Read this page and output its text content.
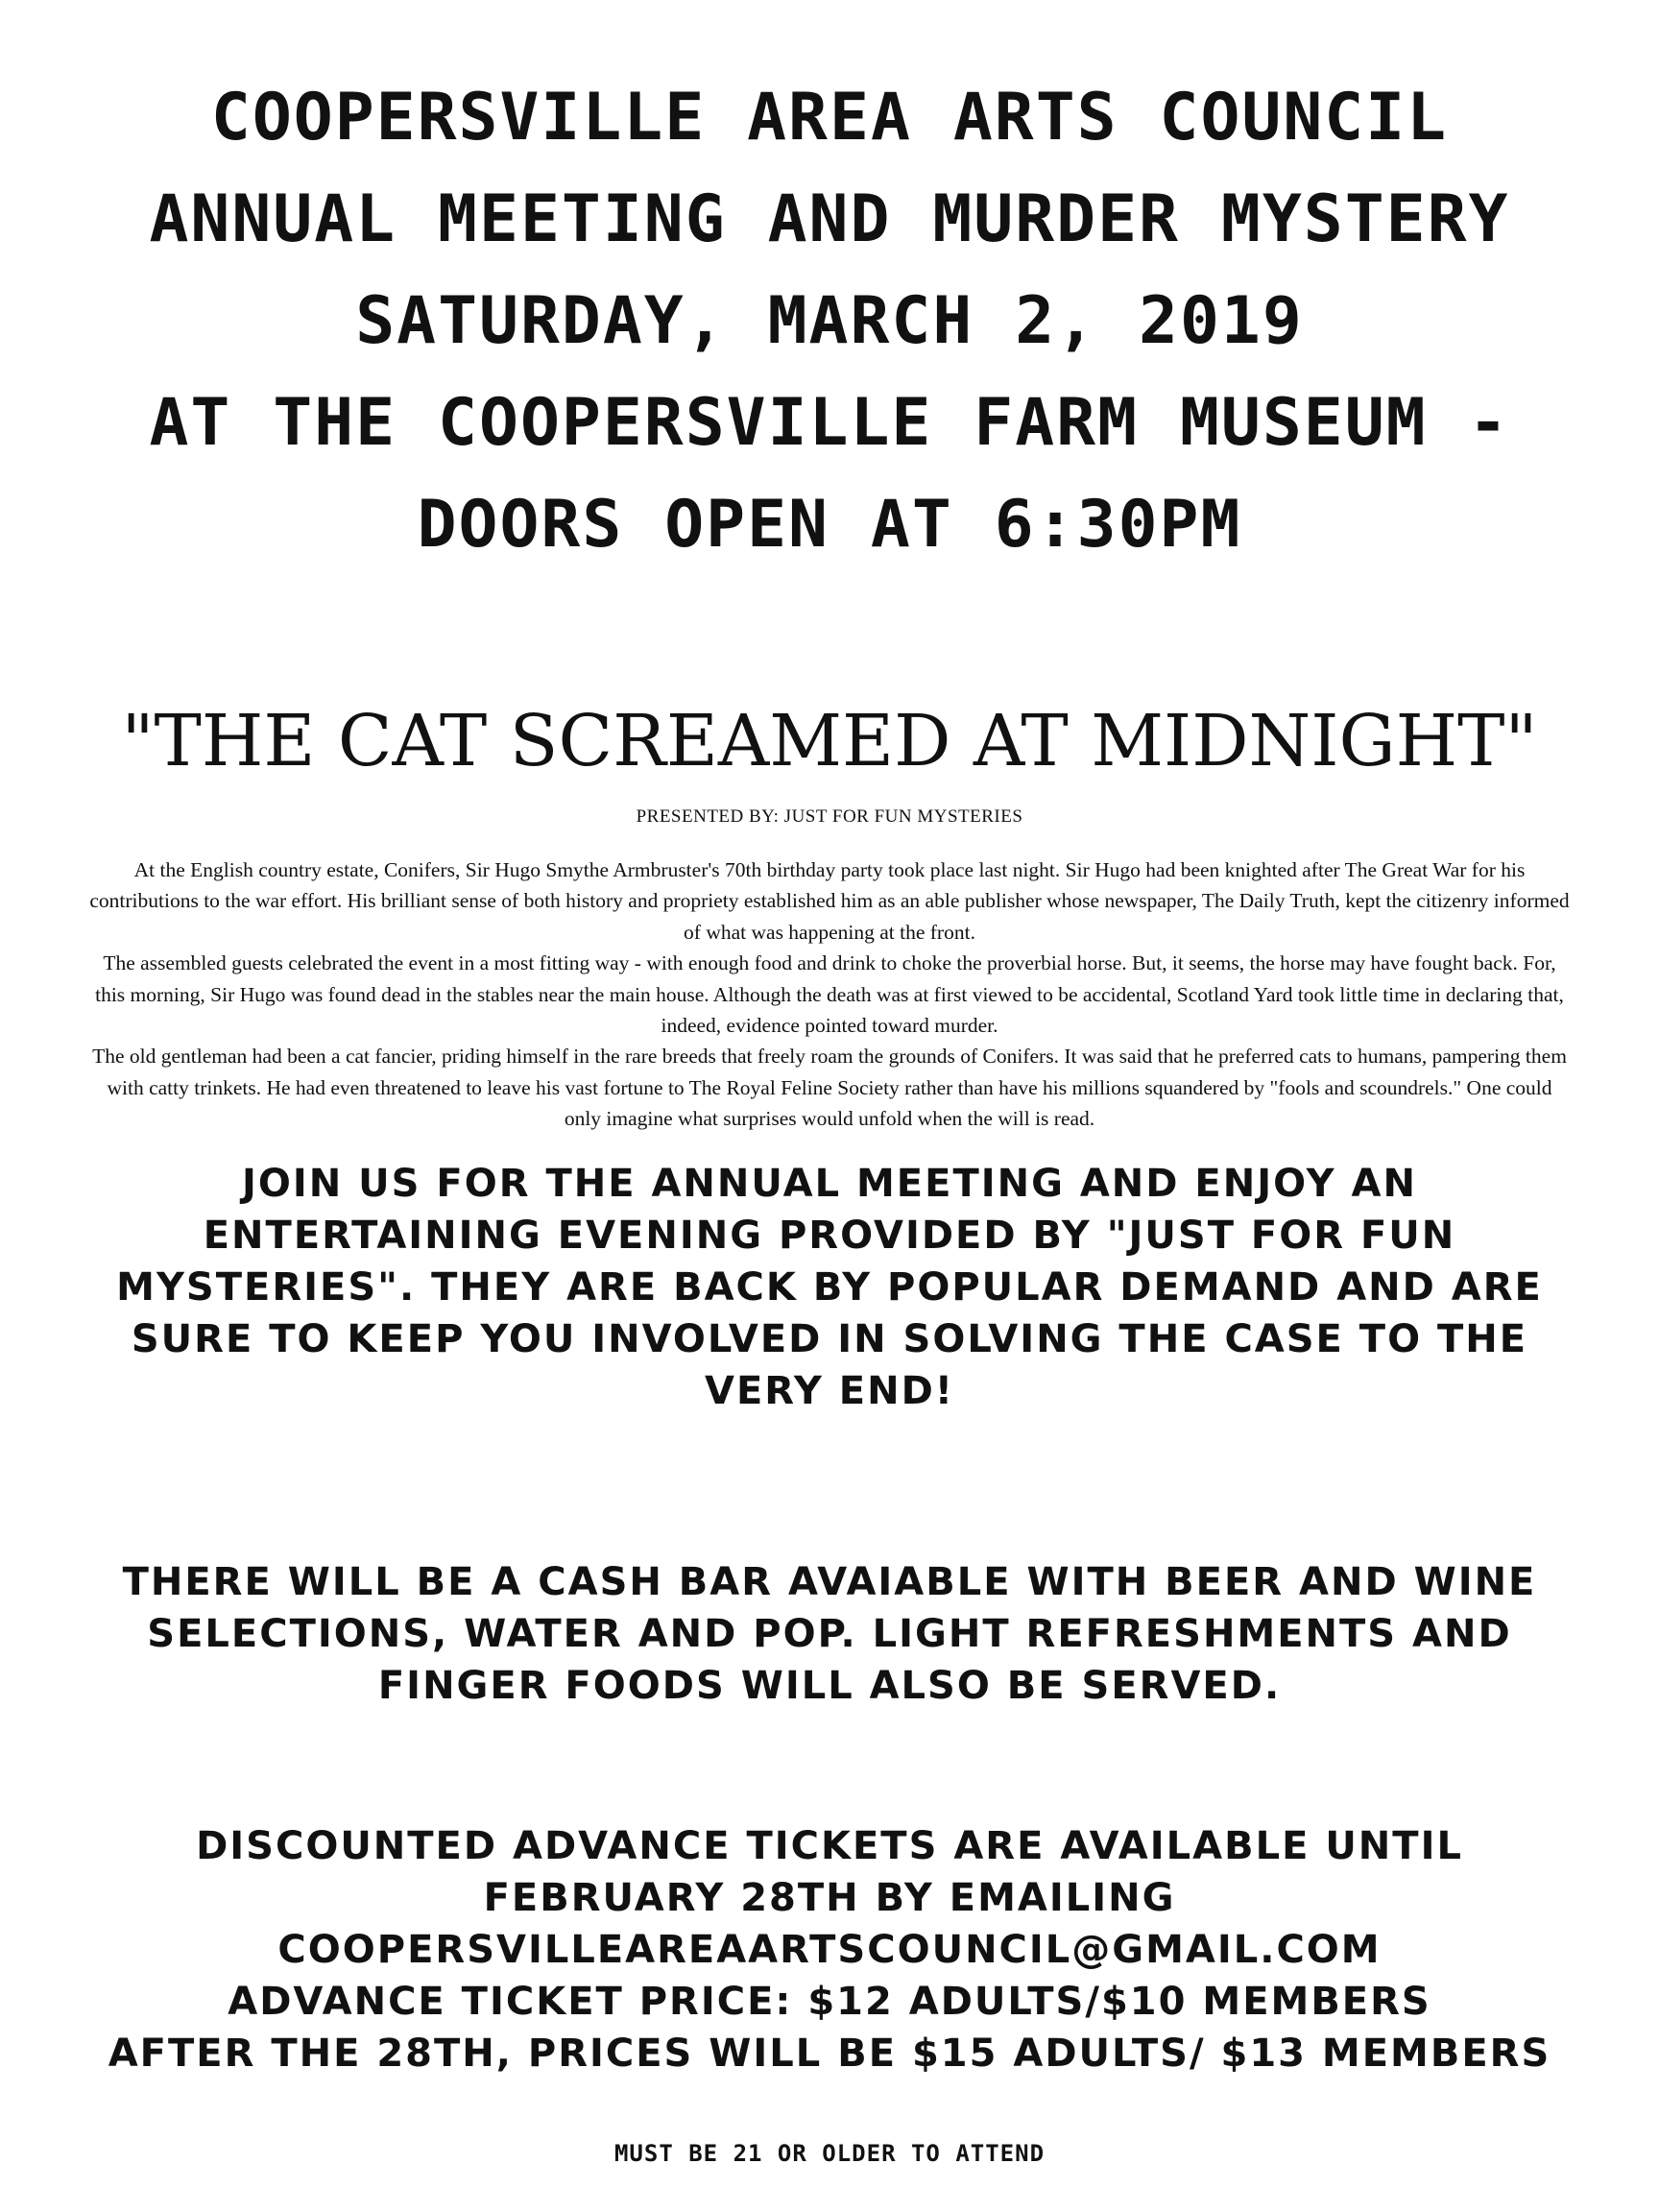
COOPERSVILLE AREA ARTS COUNCIL
ANNUAL MEETING AND MURDER MYSTERY
SATURDAY, MARCH 2, 2019
AT THE COOPERSVILLE FARM MUSEUM -
DOORS OPEN AT 6:30PM
"THE CAT SCREAMED AT MIDNIGHT"
PRESENTED BY: JUST FOR FUN MYSTERIES

At the English country estate, Conifers, Sir Hugo Smythe Armbruster's 70th birthday party took place last night. Sir Hugo had been knighted after The Great War for his contributions to the war effort. His brilliant sense of both history and propriety established him as an able publisher whose newspaper, The Daily Truth, kept the citizenry informed of what was happening at the front.

The assembled guests celebrated the event in a most fitting way - with enough food and drink to choke the proverbial horse. But, it seems, the horse may have fought back. For, this morning, Sir Hugo was found dead in the stables near the main house. Although the death was at first viewed to be accidental, Scotland Yard took little time in declaring that, indeed, evidence pointed toward murder.

The old gentleman had been a cat fancier, priding himself in the rare breeds that freely roam the grounds of Conifers. It was said that he preferred cats to humans, pampering them with catty trinkets. He had even threatened to leave his vast fortune to The Royal Feline Society rather than have his millions squandered by "fools and scoundrels." One could only imagine what surprises would unfold when the will is read.

JOIN US FOR THE ANNUAL MEETING AND ENJOY AN ENTERTAINING EVENING PROVIDED BY "JUST FOR FUN MYSTERIES". THEY ARE BACK BY POPULAR DEMAND AND ARE SURE TO KEEP YOU INVOLVED IN SOLVING THE CASE TO THE VERY END!

THERE WILL BE A CASH BAR AVAIABLE WITH BEER AND WINE SELECTIONS, WATER AND POP. LIGHT REFRESHMENTS AND FINGER FOODS WILL ALSO BE SERVED.

DISCOUNTED ADVANCE TICKETS ARE AVAILABLE UNTIL

FEBRUARY 28TH BY EMAILING

COOPERSVILLEAREAARTSCOUNCIL@GMAIL.COM

ADVANCE TICKET PRICE: $12 ADULTS/$10 MEMBERS

AFTER THE 28TH, PRICES WILL BE $15 ADULTS/ $13 MEMBERS

MUST BE 21 OR OLDER TO ATTEND
